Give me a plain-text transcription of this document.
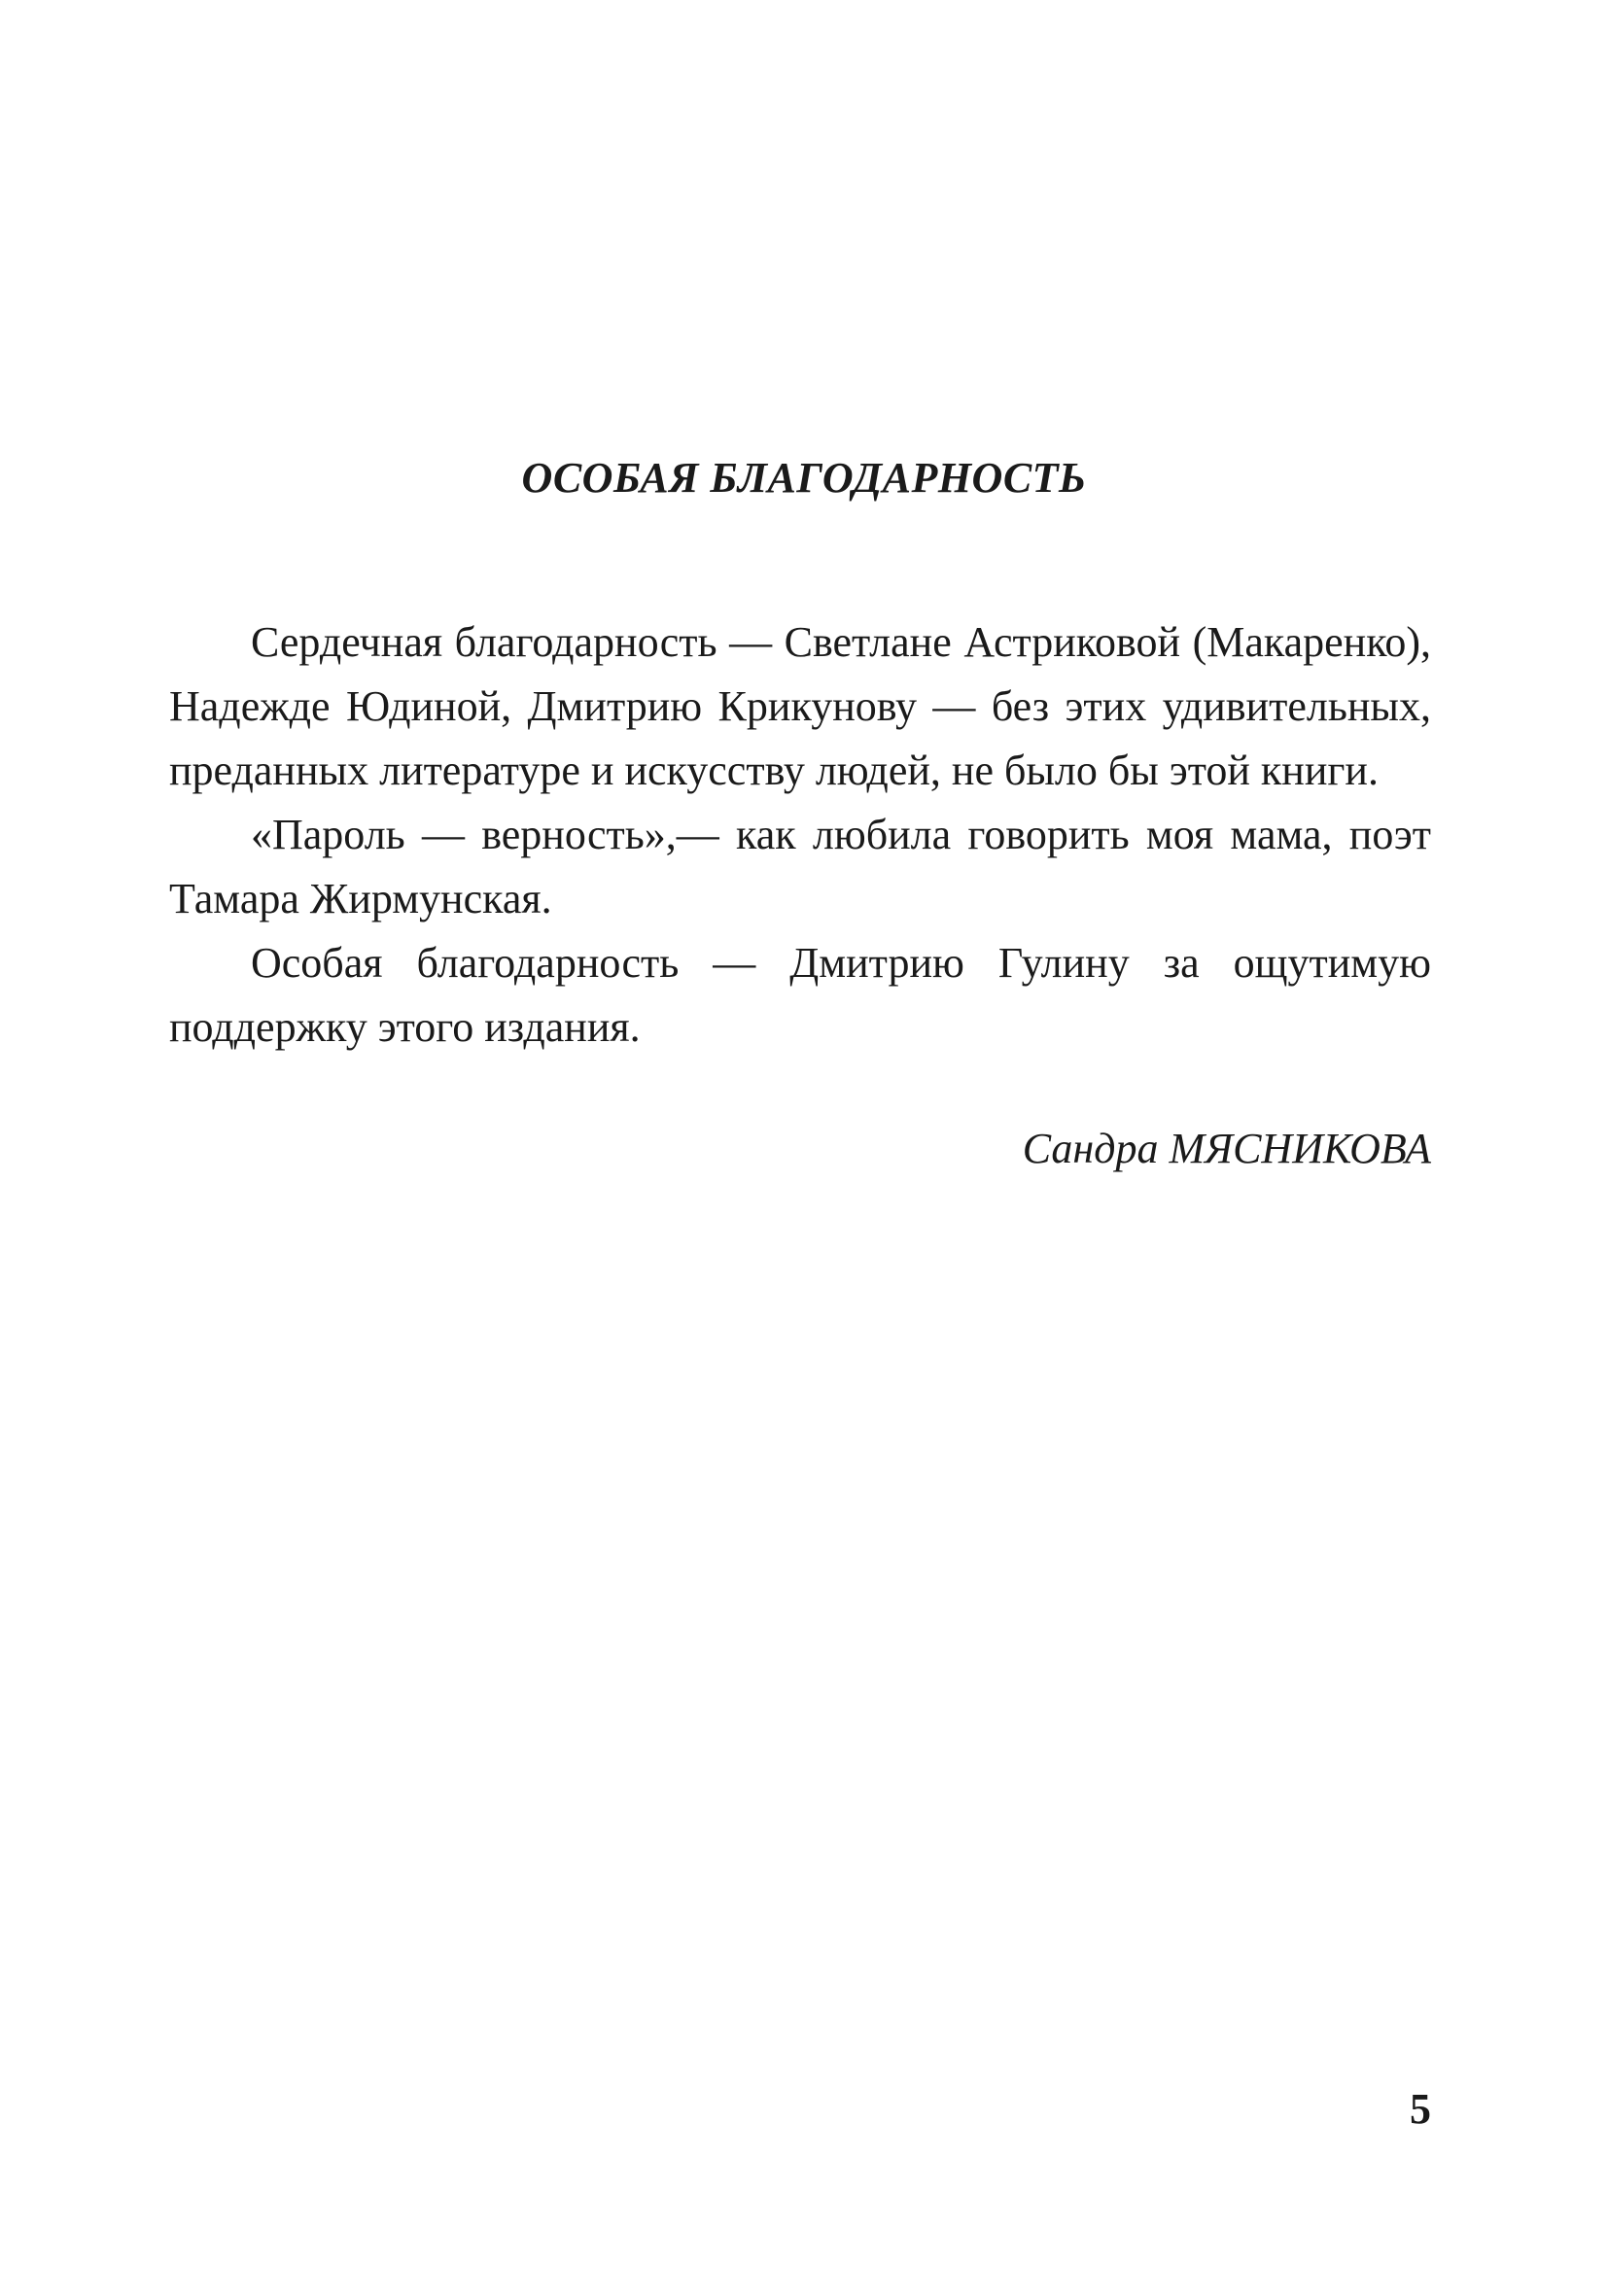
ОСОБАЯ БЛАГОДАРНОСТЬ

Сердечная благодарность — Светлане Астриковой (Макаренко), Надежде Юдиной, Дмитрию Крикунову — без этих удивительных, преданных литературе и искусству людей, не было бы этой книги.

«Пароль — верность»,— как любила говорить моя мама, поэт Тамара Жирмунская.

Особая благодарность — Дмитрию Гулину за ощутимую поддержку этого издания.

Сандра МЯСНИКОВА
5
